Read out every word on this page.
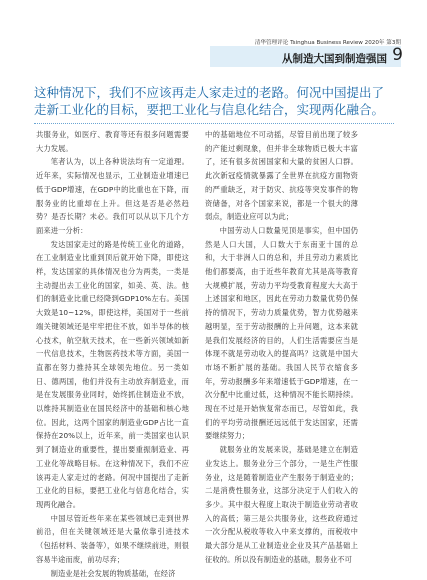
清华管理评论 Tsinghua Business Review 2020年 第3期
从制造大国到制造强国 9
这种情况下，我们不应该再走人家走过的老路。何况中国提出了走新工业化的目标，要把工业化与信息化结合，实现两化融合。

共服务业，如医疗、教育等还有很多问题需要大力发展。

笔者认为，以上各种说法均有一定道理。近年来，实际情况也显示，工业制造业增速已低于GDP增速，在GDP中的比重也在下降，而服务业的比重却在上升。但这是否是必然趋势？是否长期？未必。我们可以从以下几个方面来进一分析：

发达国家走过的路是传统工业化的道路，在工业制造业比重到顶后就开始下降，即使这样，发达国家的具体情况也分为两类，一类是主动提出去工业化的国家，如美、英、法。他们的制造业比重已经降到GDP10%左右。美国大致是10~12%，即使这样，美国对于一些前端关键领域还是牢牢把住不放，如半导体的核心技术，航空航天技术，在一些新兴领域如新一代信息技术，生物医药技术等方面，美国一直都在努力推持其全球领先地位。另一类如日、德两国，他们并没有主动放弃制造业，而是在发展服务业同时，始终抓住制造业不放，以维持其制造业在国民经济中的基础和核心地位。因此，这两个国家的制造业GDP占比一直保持在20%以上，近年来，前一类国家也认识到了制造业的重要性，提出要重振制造业、再工业化等战略目标。在这种情况下，我们不应该再走人家走过的老路。何况中国提出了走新工业化的目标，要把工业化与信息化结合，实现两化融合。

中国尽管近些年来在某些领域已走到世界前沿，但在关键领域还是大量依靠引进技术（包括材料、装备等），如果不继续前进，则很容易半途而废，前功尽弃；

制造业是社会发展的物质基础，在经济

中的基础地位不可动摇，尽管目前出现了较多的产能过剩现象，但并非全球物质已极大丰富了，还有很多贫困国家和大量的贫困人口群。此次新冠疫情就暴露了全世界在抗疫方面物资的严重缺乏，对于防灾、抗疫等突发事件的物资储备，对各个国家来说，都是一个很大的薄弱点，制造业应可以为此；

中国劳动人口数量见顶是事实，但中国仍然是人口大国，人口数大于东南亚十国的总和，大于非洲人口的总和，并且劳动力素质比他们都要高，由于近些年教育尤其是高等教育大规模扩展，劳动力平均受教育程度大大高于上述国家和地区，因此在劳动力数量优势仍保持的情况下，劳动力质量优势，智力优势越来越明显，至于劳动报酬的上升问题，这本来就是我们发展经济的目的，人们生活需要应当是体现不就是劳动收入的提高吗？这就是中国大市场不断扩展的基础。我国人民节衣缩食多年，劳动报酬多年来增速低于GDP增速，在一次分配中比重过低，这种情况不能长期持续。现在不过是开始恢复常态而已，尽管如此，我们的平均劳动报酬还远远低于发达国家，还需要继续努力；

就服务业的发展来说，基础是建立在制造业发达上。服务业分三个部分，一是生产性服务业，这是随着制造业产生服务于制造业的；二是消费性服务业，这部分决定于人们收入的多少。其中很大程度上取决于制造业劳动者收入的高低；第三是公共服务业，这些政府通过一次分配从税收等收入中来支撑的，而税收中最大部分是从工业制造业企业及其产品基础上征收的。所以没有制造业的基础，服务业不可
